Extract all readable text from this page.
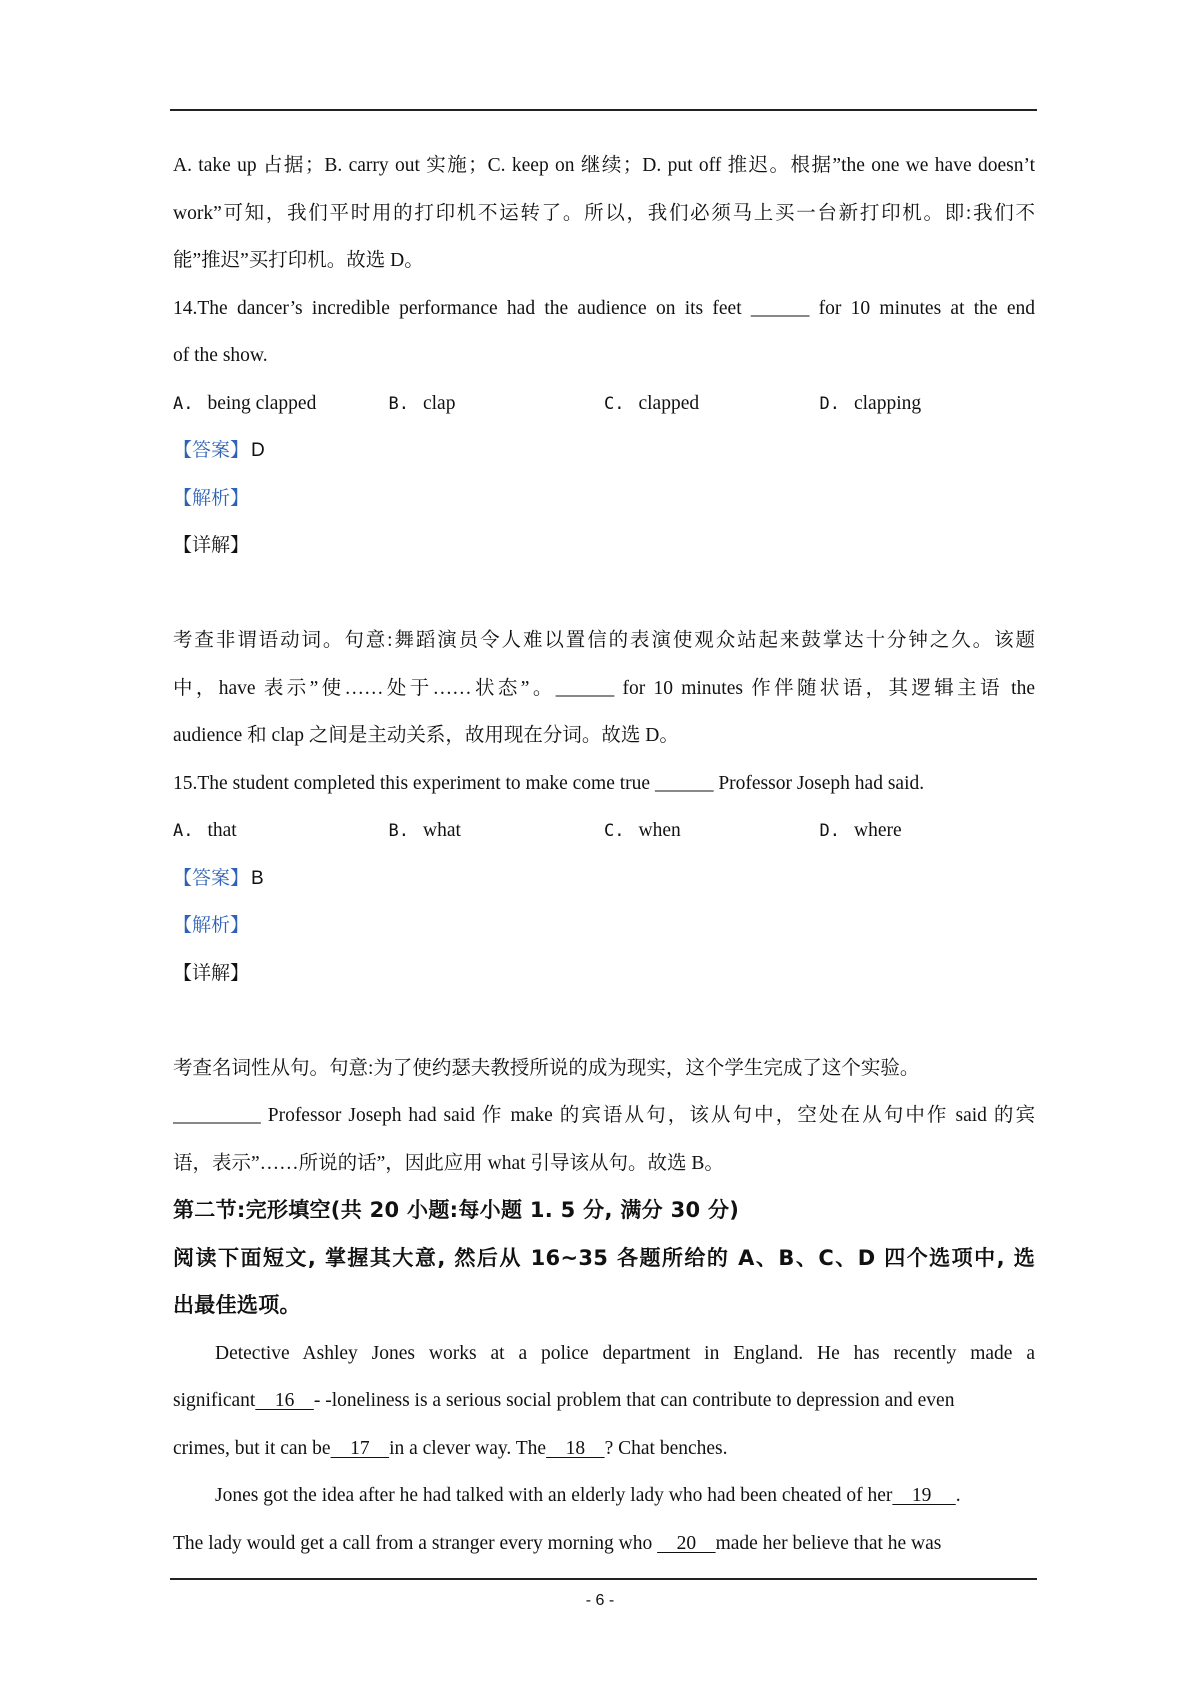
A. take up 占据；B. carry out 实施；C. keep on 继续；D. put off 推迟。根据”the one we have doesn’t
work”可知，我们平时用的打印机不运转了。所以，我们必须马上买一台新打印机。即:我们不
能”推迟”买打印机。故选 D。
14.The dancer’s incredible performance had the audience on its feet ______ for 10 minutes at the end
of the show.
A. being clapped	B. clap	C. clapped	D. clapping
【答案】 D
【解析】
【详解】
考查非谓语动词。句意:舞蹈演员令人难以置信的表演使观众站起来鼓掌达十分钟之久。该题
中，have 表示”使……处于……状态”。______ for 10 minutes 作伴随状语，其逻辑主语 the
audience 和 clap 之间是主动关系，故用现在分词。故选 D。
15.The student completed this experiment to make come true ______ Professor Joseph had said.
A. that	B. what	C. when	D. where
【答案】 B
【解析】
【详解】
考查名词性从句。句意:为了使约瑟夫教授所说的成为现实，这个学生完成了这个实验。
_________ Professor Joseph had said 作 make 的宾语从句，该从句中，空处在从句中作 said 的宾
语，表示”……所说的话”，因此应用 what 引导该从句。故选 B。
第二节:完形填空(共 20 小题:每小题 1. 5 分, 满分 30 分)
阅读下面短文, 掌握其大意, 然后从 16~35 各题所给的 A、B、C、D 四个选项中, 选
出最佳选项。
Detective Ashley Jones works at a police department in England. He has recently made a
significant    16    - -loneliness is a serious social problem that can contribute to depression and even
crimes, but it can be    17    in a clever way. The    18    ? Chat benches.
Jones got the idea after he had talked with an elderly lady who had been cheated of her    19     .
The lady would get a call from a stranger every morning who     20    made her believe that he was
- 6 -
